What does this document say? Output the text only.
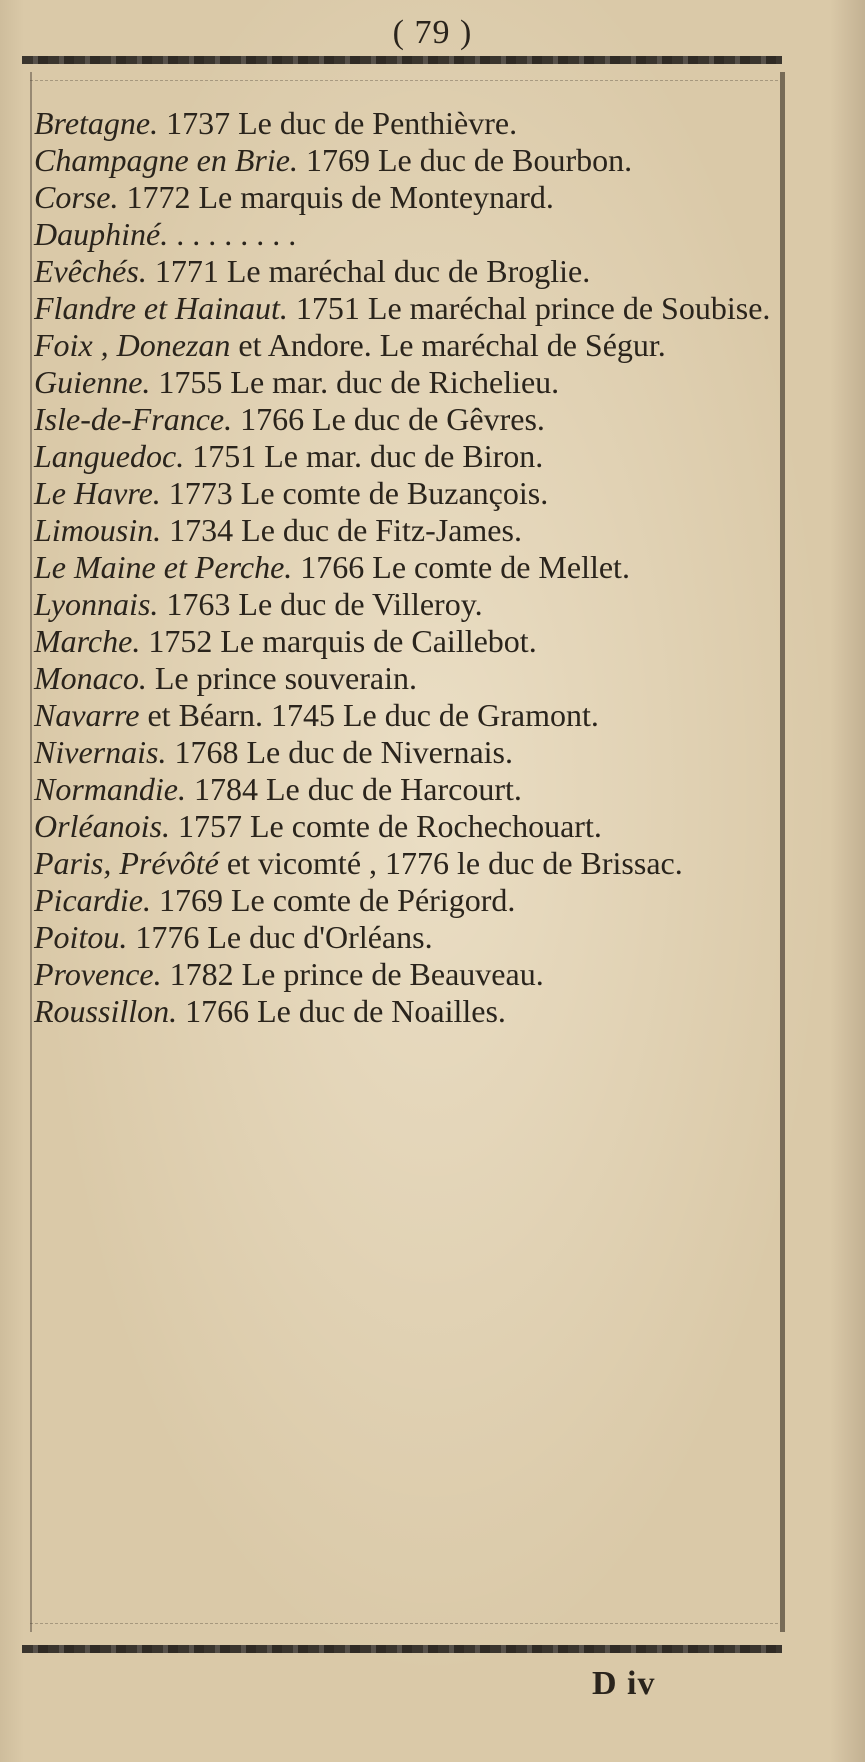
( 79 )

Bretagne. 1737 Le duc de Penthièvre.

Champagne en Brie. 1769 Le duc de Bourbon.

Corse. 1772 Le marquis de Monteynard.

Dauphiné. . . . . . . . .

Evêchés. 1771 Le maréchal duc de Broglie.

Flandre et Hainaut. 1751 Le maréchal prince de Soubise.

Foix , Donezan et Andore. Le maréchal de Ségur.

Guienne. 1755 Le mar. duc de Richelieu.

Isle-de-France. 1766 Le duc de Gêvres.

Languedoc. 1751 Le mar. duc de Biron.

Le Havre. 1773 Le comte de Buzançois.

Limousin. 1734 Le duc de Fitz-James.

Le Maine et Perche. 1766 Le comte de Mellet.

Lyonnais. 1763 Le duc de Villeroy.

Marche. 1752 Le marquis de Caillebot.

Monaco. Le prince souverain.

Navarre et Béarn. 1745 Le duc de Gramont.

Nivernais. 1768 Le duc de Nivernais.

Normandie. 1784 Le duc de Harcourt.

Orléanois. 1757 Le comte de Rochechouart.

Paris, Prévôté et vicomté , 1776 le duc de Brissac.

Picardie. 1769 Le comte de Périgord.

Poitou. 1776 Le duc d'Orléans.

Provence. 1782 Le prince de Beauveau.

Roussillon. 1766 Le duc de Noailles.

D iv
